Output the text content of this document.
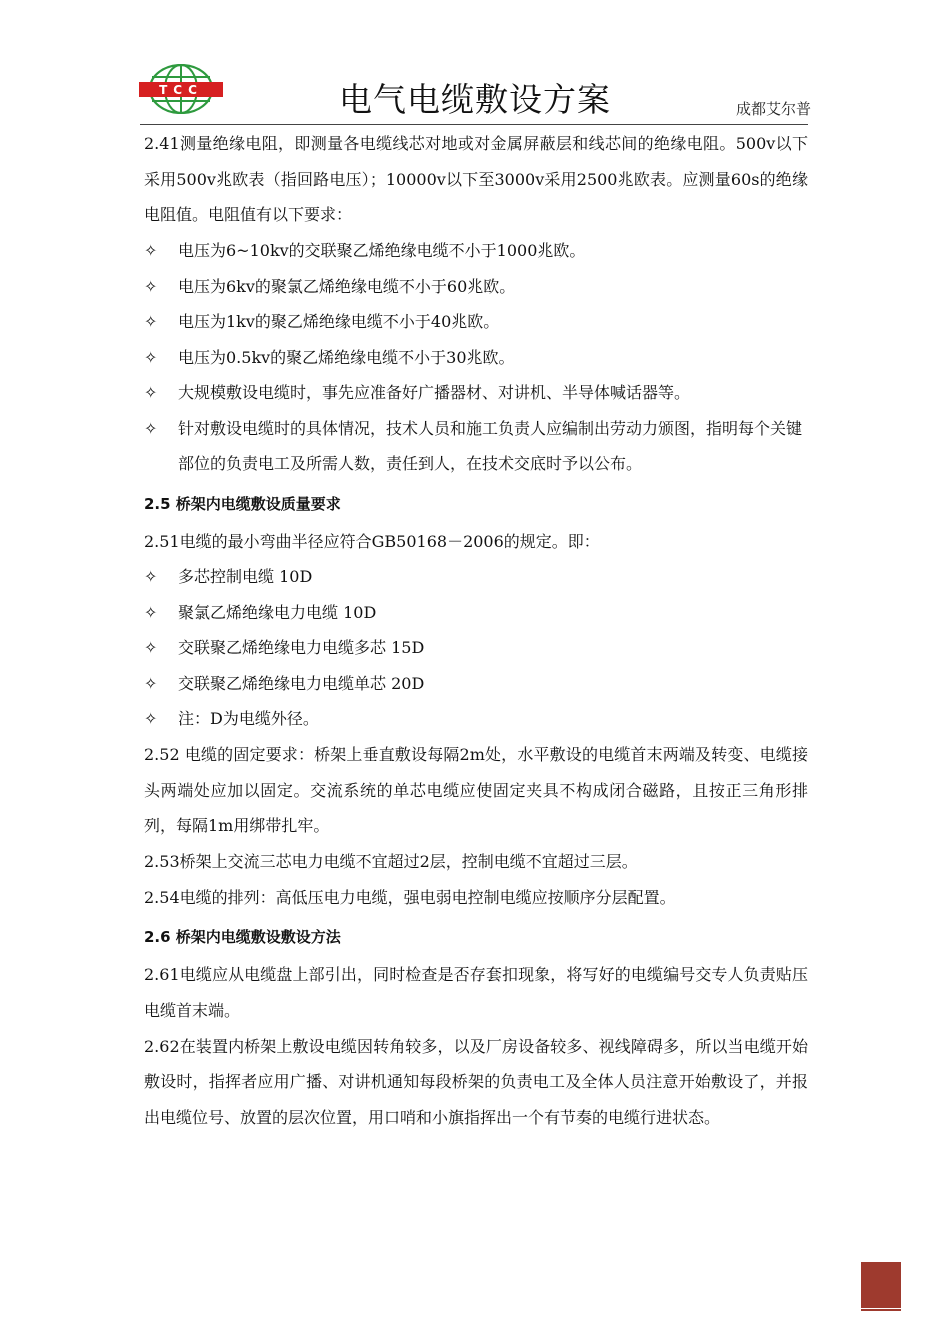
TCC	电气电缆敷设方案	成都艾尔普

2.41测量绝缘电阻，即测量各电缆线芯对地或对金属屏蔽层和线芯间的绝缘电阻。500v以下采用500v兆欧表（指回路电压）；10000v以下至3000v采用2500兆欧表。应测量60s的绝缘电阻值。电阻值有以下要求：

✧	电压为6~10kv的交联聚乙烯绝缘电缆不小于1000兆欧。
✧	电压为6kv的聚氯乙烯绝缘电缆不小于60兆欧。
✧	电压为1kv的聚乙烯绝缘电缆不小于40兆欧。
✧	电压为0.5kv的聚乙烯绝缘电缆不小于30兆欧。
✧	大规模敷设电缆时，事先应准备好广播器材、对讲机、半导体喊话器等。
✧	针对敷设电缆时的具体情况，技术人员和施工负责人应编制出劳动力颁图，指明每个关键部位的负责电工及所需人数，责任到人，在技术交底时予以公布。

2.5 桥架内电缆敷设质量要求

2.51电缆的最小弯曲半径应符合GB50168－2006的规定。即：

✧	多芯控制电缆 10D
✧	聚氯乙烯绝缘电力电缆 10D
✧	交联聚乙烯绝缘电力电缆多芯 15D
✧	交联聚乙烯绝缘电力电缆单芯 20D
✧	注：D为电缆外径。

2.52 电缆的固定要求：桥架上垂直敷设每隔2m处，水平敷设的电缆首末两端及转变、电缆接头两端处应加以固定。交流系统的单芯电缆应使固定夹具不构成闭合磁路，且按正三角形排列，每隔1m用绑带扎牢。

2.53桥架上交流三芯电力电缆不宜超过2层，控制电缆不宜超过三层。

2.54电缆的排列：高低压电力电缆，强电弱电控制电缆应按顺序分层配置。

2.6 桥架内电缆敷设敷设方法

2.61电缆应从电缆盘上部引出，同时检查是否存套扣现象，将写好的电缆编号交专人负责贴压电缆首末端。

2.62在装置内桥架上敷设电缆因转角较多，以及厂房设备较多、视线障碍多，所以当电缆开始敷设时，指挥者应用广播、对讲机通知每段桥架的负责电工及全体人员注意开始敷设了，并报出电缆位号、放置的层次位置，用口哨和小旗指挥出一个有节奏的电缆行进状态。
